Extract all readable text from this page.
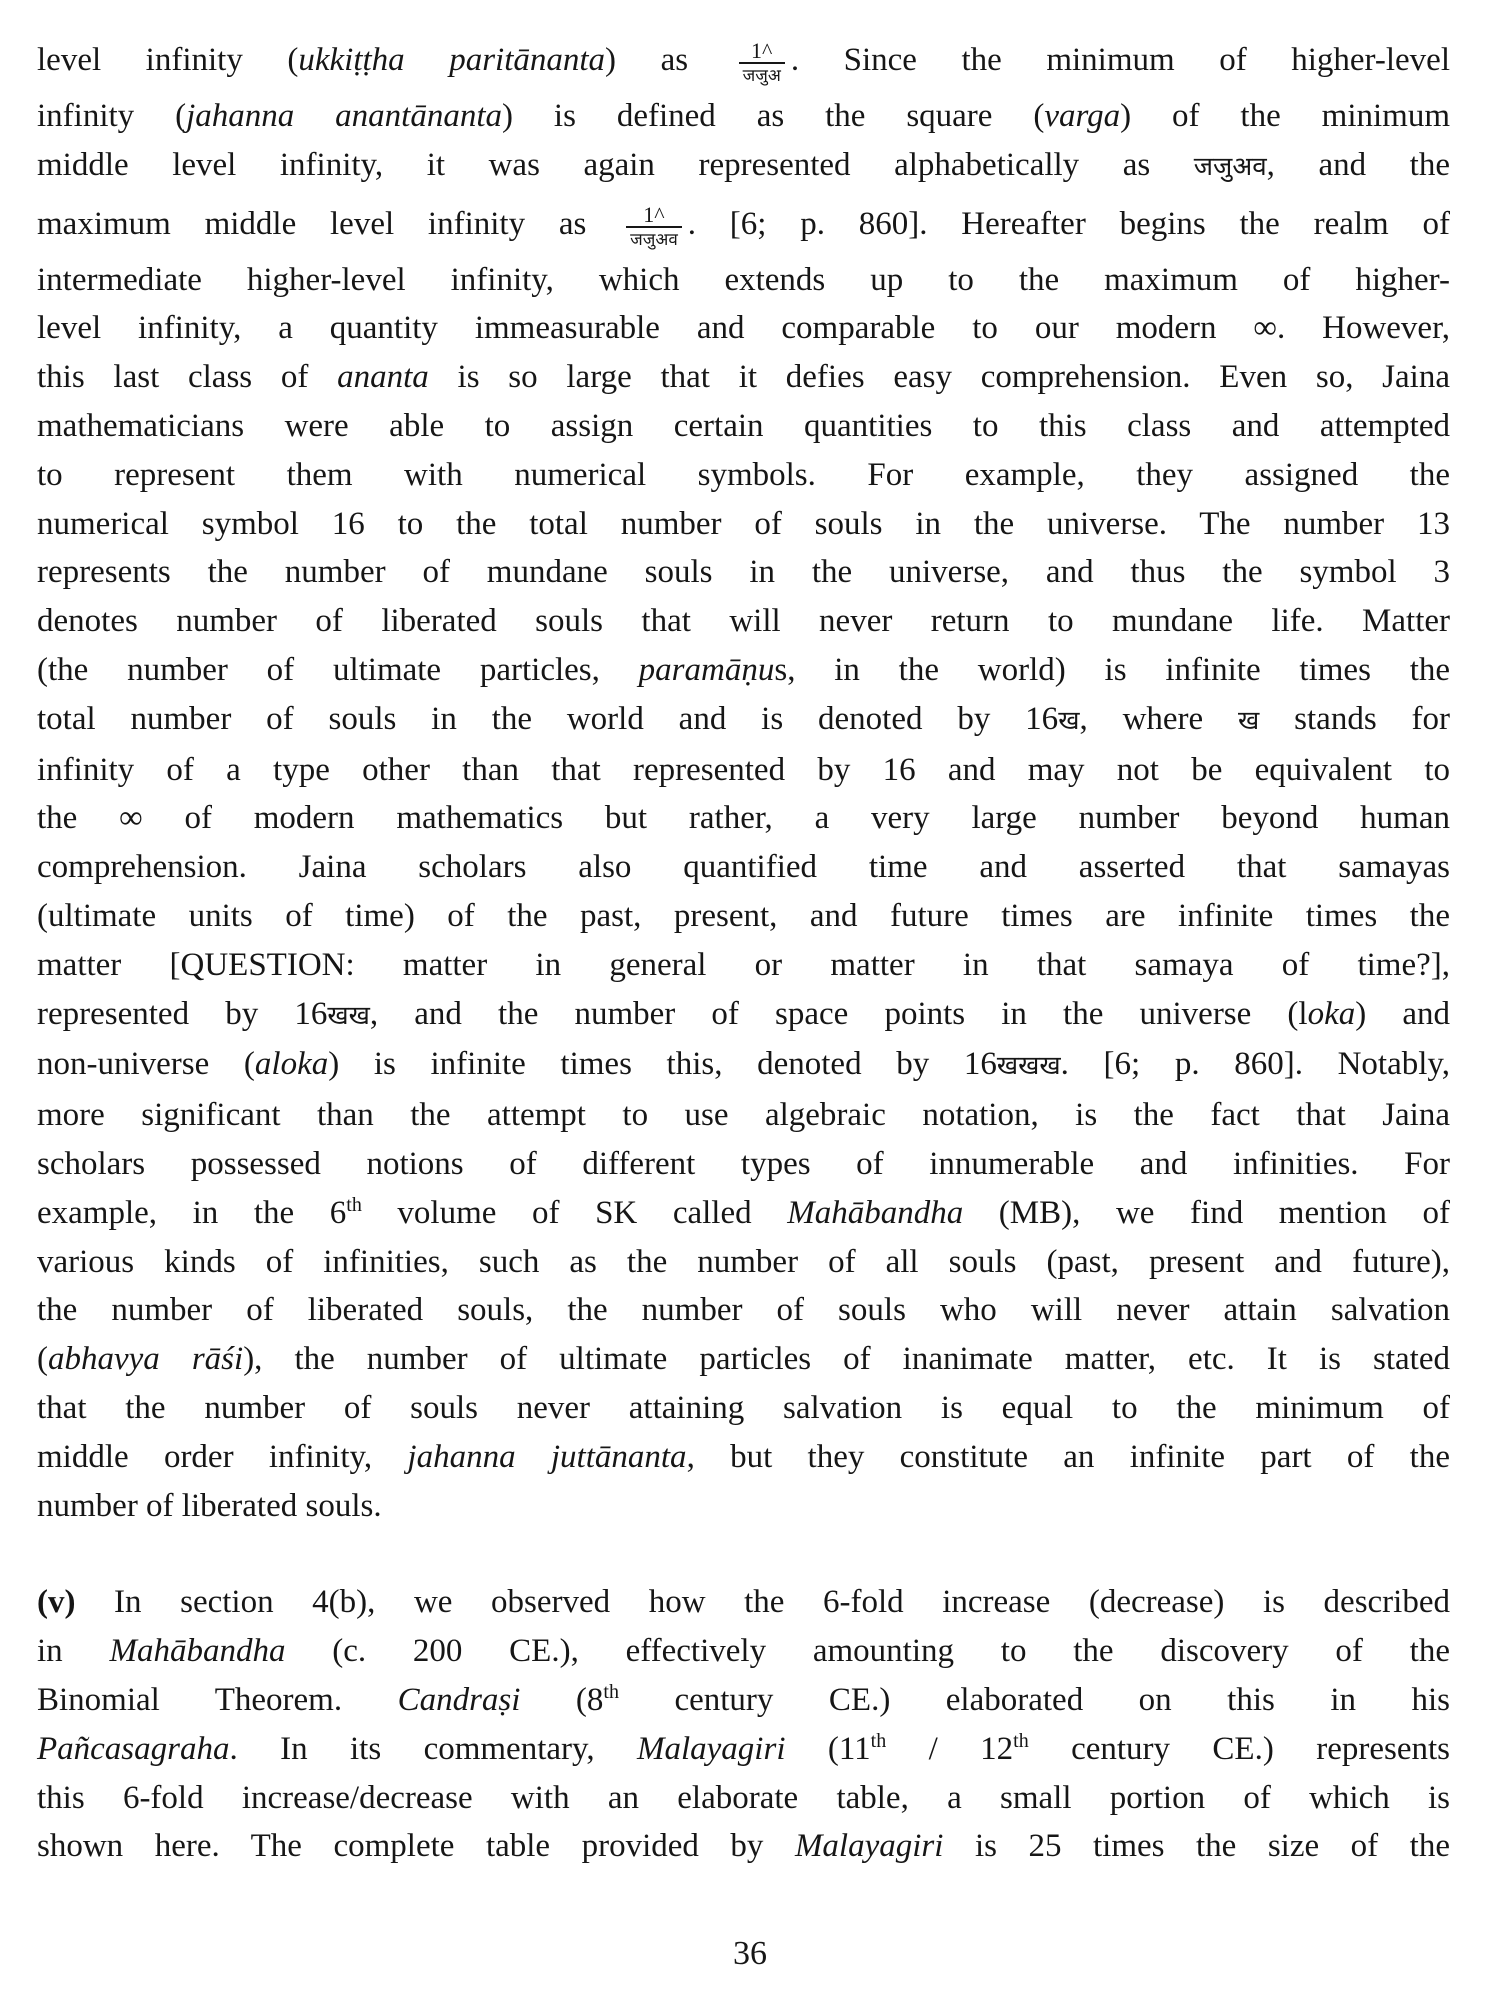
level infinity (ukkiṭṭha paritānanta) as $\frac{1\^{}}{\text{जजुअ}}$ . Since the minimum of higher-level
infinity (jahanna anantānanta) is defined as the square (varga) of the minimum
middle level infinity, it was again represented alphabetically as जजुअव, and the
maximum middle level infinity as $\frac{1\^{}}{\text{जजुअव}}$ . [6; p. 860]. Hereafter begins the realm of
intermediate higher-level infinity, which extends up to the maximum of higher-
level infinity, a quantity immeasurable and comparable to our modern ∞. However,
this last class of ananta is so large that it defies easy comprehension. Even so, Jaina
mathematicians were able to assign certain quantities to this class and attempted
to represent them with numerical symbols. For example, they assigned the
numerical symbol 16 to the total number of souls in the universe. The number 13
represents the number of mundane souls in the universe, and thus the symbol 3
denotes number of liberated souls that will never return to mundane life. Matter
(the number of ultimate particles, paramāṇus, in the world) is infinite times the
total number of souls in the world and is denoted by 16ख, where ख stands for
infinity of a type other than that represented by 16 and may not be equivalent to
the ∞ of modern mathematics but rather, a very large number beyond human
comprehension. Jaina scholars also quantified time and asserted that samayas
(ultimate units of time) of the past, present, and future times are infinite times the
matter [QUESTION: matter in general or matter in that samaya of time?],
represented by 16खख, and the number of space points in the universe (loka) and
non-universe (aloka) is infinite times this, denoted by 16खखख. [6; p. 860]. Notably,
more significant than the attempt to use algebraic notation, is the fact that Jaina
scholars possessed notions of different types of innumerable and infinities. For
example, in the 6th volume of SK called Mahābandha (MB), we find mention of
various kinds of infinities, such as the number of all souls (past, present and future),
the number of liberated souls, the number of souls who will never attain salvation
(abhavya rāśi), the number of ultimate particles of inanimate matter, etc. It is stated
that the number of souls never attaining salvation is equal to the minimum of
middle order infinity, jahanna juttānanta, but they constitute an infinite part of the
number of liberated souls.
(v) In section 4(b), we observed how the 6-fold increase (decrease) is described
in Mahābandha (c. 200 CE.), effectively amounting to the discovery of the
Binomial Theorem. Candraṣi (8th century CE.) elaborated on this in his
Pañcasagraha. In its commentary, Malayagiri (11th / 12th century CE.) represents
this 6-fold increase/decrease with an elaborate table, a small portion of which is
shown here. The complete table provided by Malayagiri is 25 times the size of the
36
